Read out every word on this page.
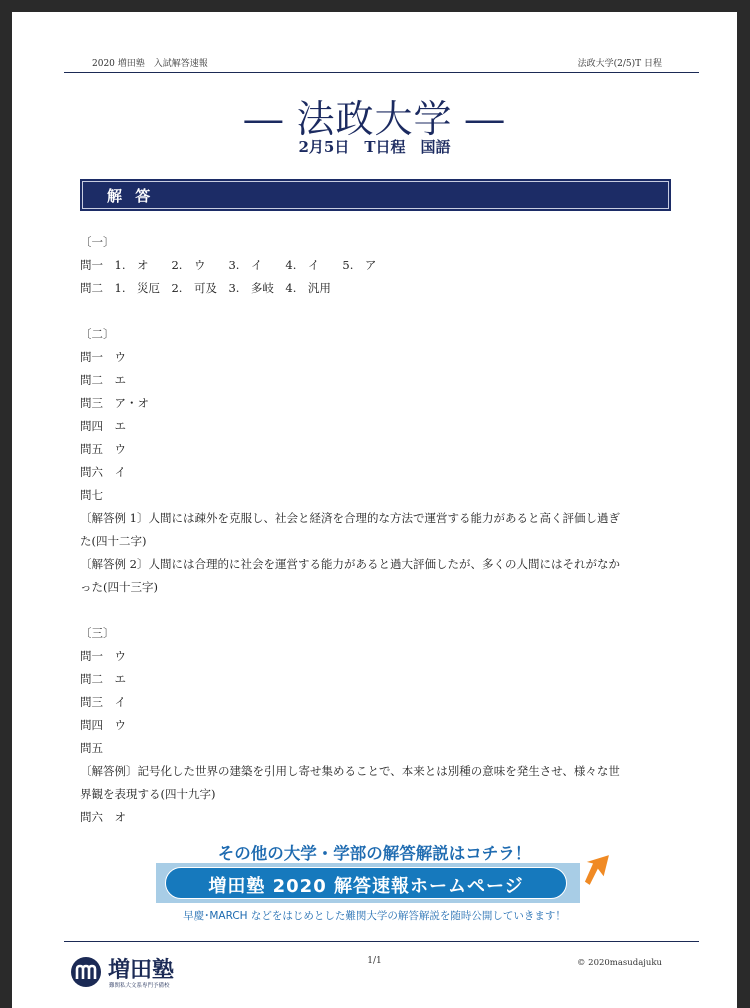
2020 増田塾　入試解答速報	法政大学(2/5)T 日程
― 法政大学 ―
2月5日　T日程　国語
解 答
〔一〕
問一　1.　オ　　2.　ウ　　3.　イ　　4.　イ　　5.　ア
問二　1.　災厄　2.　可及　3.　多岐　4.　汎用
〔二〕
問一　ウ
問二　エ
問三　ア・オ
問四　エ
問五　ウ
問六　イ
問七
〔解答例 1〕人間には疎外を克服し、社会と経済を合理的な方法で運営する能力があると高く評価し過ぎ
た(四十二字)
〔解答例 2〕人間には合理的に社会を運営する能力があると過大評価したが、多くの人間にはそれがなか
った(四十三字)
〔三〕
問一　ウ
問二　エ
問三　イ
問四　ウ
問五
〔解答例〕記号化した世界の建築を引用し寄せ集めることで、本来とは別種の意味を発生させ、様々な世
界観を表現する(四十九字)
問六　オ
その他の大学・学部の解答解説はコチラ！
増田塾 2020 解答速報ホームページ
早慶･MARCH などをはじめとした難関大学の解答解説を随時公開していきます！
増田塾
難関私大文系専門予備校
1/1	© 2020masudajuku
